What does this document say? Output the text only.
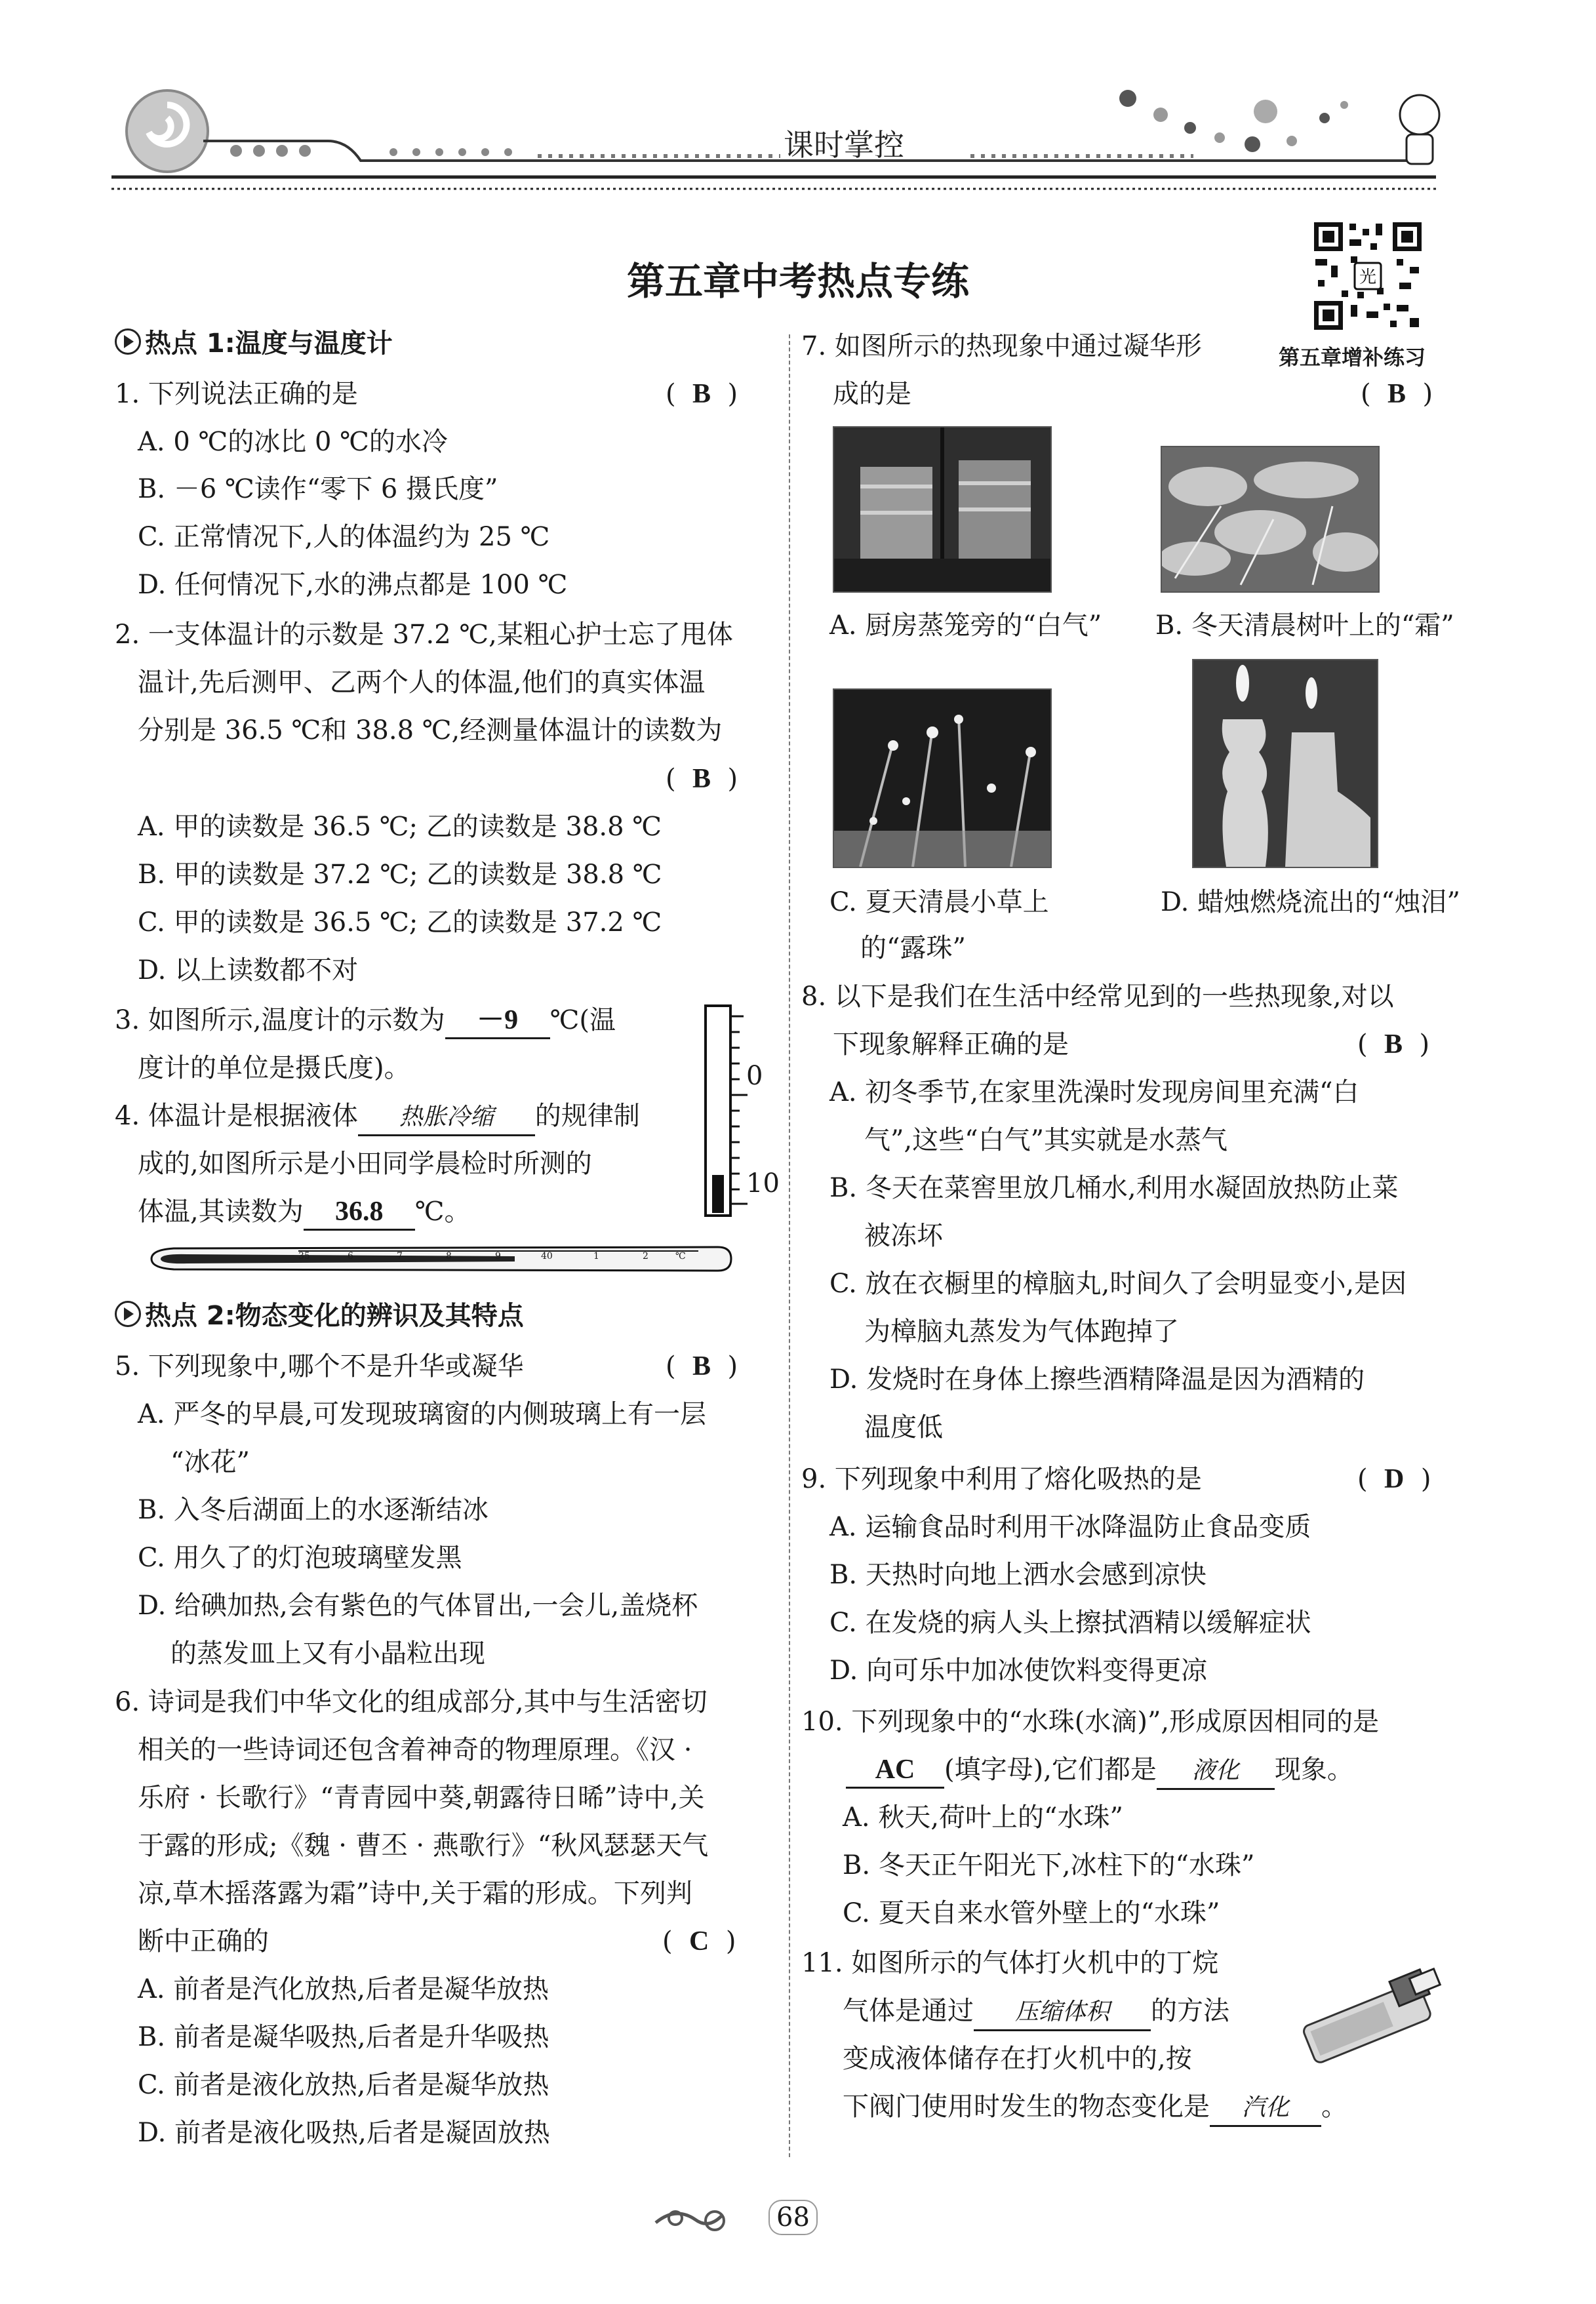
课时掌控
光
第五章增补练习
第五章中考热点专练
热点 1:温度与温度计
1. 下列说法正确的是	(  B  )
A. 0 ℃的冰比 0 ℃的水冷
B. －6 ℃读作“零下 6 摄氏度”
C. 正常情况下,人的体温约为 25 ℃
D. 任何情况下,水的沸点都是 100 ℃
2. 一支体温计的示数是 37.2 ℃,某粗心护士忘了甩体
温计,先后测甲、乙两个人的体温,他们的真实体温
分别是 36.5 ℃和 38.8 ℃,经测量体温计的读数为
(  B  )
A. 甲的读数是 36.5 ℃; 乙的读数是 38.8 ℃
B. 甲的读数是 37.2 ℃; 乙的读数是 38.8 ℃
C. 甲的读数是 36.5 ℃; 乙的读数是 37.2 ℃
D. 以上读数都不对
3. 如图所示,温度计的示数为 －9 ℃(温
度计的单位是摄氏度)。	0
10
4. 体温计是根据液体 热胀冷缩 的规律制
成的,如图所示是小田同学晨检时所测的
体温,其读数为 36.8 ℃。
35	6	7	8	9	40	1	2	℃
热点 2:物态变化的辨识及其特点
5. 下列现象中,哪个不是升华或凝华	(  B  )
A. 严冬的早晨,可发现玻璃窗的内侧玻璃上有一层
“冰花”
B. 入冬后湖面上的水逐渐结冰
C. 用久了的灯泡玻璃壁发黑
D. 给碘加热,会有紫色的气体冒出,一会儿,盖烧杯
的蒸发皿上又有小晶粒出现
6. 诗词是我们中华文化的组成部分,其中与生活密切
相关的一些诗词还包含着神奇的物理原理。《汉 ·
乐府 · 长歌行》“青青园中葵,朝露待日晞”诗中,关
于露的形成;《魏 · 曹丕 · 燕歌行》“秋风瑟瑟天气
凉,草木摇落露为霜”诗中,关于霜的形成。下列判
断中正确的	(  C  )
A. 前者是汽化放热,后者是凝华放热
B. 前者是凝华吸热,后者是升华吸热
C. 前者是液化放热,后者是凝华放热
D. 前者是液化吸热,后者是凝固放热
7. 如图所示的热现象中通过凝华形
成的是	(  B  )
A. 厨房蒸笼旁的“白气” B. 冬天清晨树叶上的“霜”
C. 夏天清晨小草上
的“露珠”
D. 蜡烛燃烧流出的“烛泪”
8. 以下是我们在生活中经常见到的一些热现象,对以
下现象解释正确的是	(  B  )
A. 初冬季节,在家里洗澡时发现房间里充满“白
气”,这些“白气”其实就是水蒸气
B. 冬天在菜窖里放几桶水,利用水凝固放热防止菜
被冻坏
C. 放在衣橱里的樟脑丸,时间久了会明显变小,是因
为樟脑丸蒸发为气体跑掉了
D. 发烧时在身体上擦些酒精降温是因为酒精的
温度低
9. 下列现象中利用了熔化吸热的是	(  D  )
A. 运输食品时利用干冰降温防止食品变质
B. 天热时向地上洒水会感到凉快
C. 在发烧的病人头上擦拭酒精以缓解症状
D. 向可乐中加冰使饮料变得更凉
10. 下列现象中的“水珠(水滴)”,形成原因相同的是
AC (填字母),它们都是 液化 现象。
A. 秋天,荷叶上的“水珠”
B. 冬天正午阳光下,冰柱下的“水珠”
C. 夏天自来水管外壁上的“水珠”
11. 如图所示的气体打火机中的丁烷
气体是通过 压缩体积 的方法
变成液体储存在打火机中的,按
下阀门使用时发生的物态变化是 汽化 。
68
